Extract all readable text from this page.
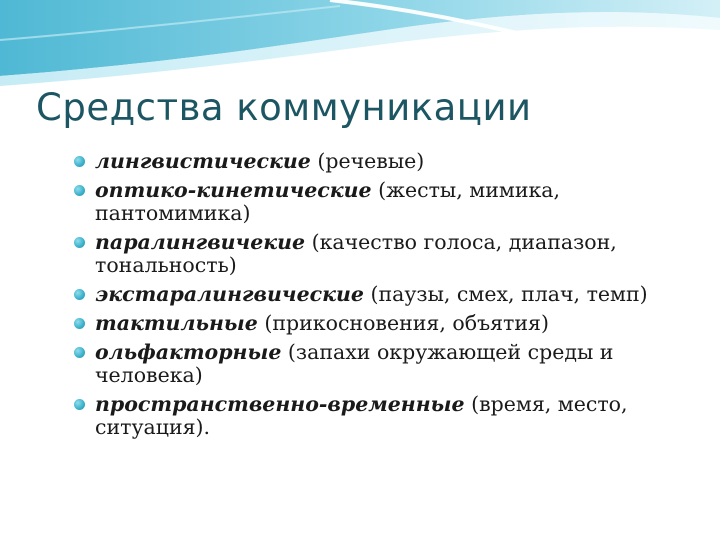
Средства коммуникации
лингвистические (речевые)
оптико-кинетические (жесты, мимика, пантомимика)
паралингвичекие (качество голоса, диапазон, тональность)
экстаралингвические (паузы, смех, плач, темп)
тактильные (прикосновения, объятия)
ольфакторные (запахи окружающей среды и человека)
пространственно-временные (время, место, ситуация).
